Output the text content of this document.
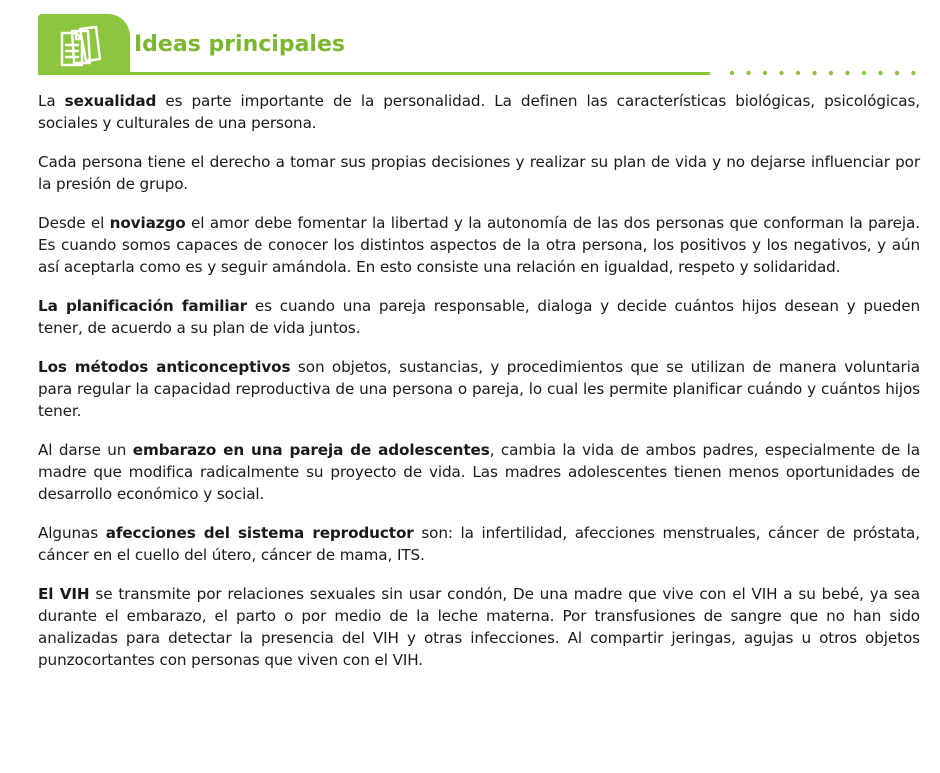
Ideas principales

La sexualidad es parte importante de la personalidad. La definen las características biológicas, psicológicas, sociales y culturales de una persona.

Cada persona tiene el derecho a tomar sus propias decisiones y realizar su plan de vida y no dejarse influenciar por la presión de grupo.

Desde el noviazgo el amor debe fomentar la libertad y la autonomía de las dos personas que conforman la pareja. Es cuando somos capaces de conocer los distintos aspectos de la otra persona, los positivos y los negativos, y aún así aceptarla como es y seguir amándola. En esto consiste una relación en igualdad, respeto y solidaridad.

La planificación familiar es cuando una pareja responsable, dialoga y decide cuántos hijos desean y pueden tener, de acuerdo a su plan de vida juntos.

Los métodos anticonceptivos son objetos, sustancias, y procedimientos que se utilizan de manera voluntaria para regular la capacidad reproductiva de una persona o pareja, lo cual les permite planificar cuándo y cuántos hijos tener.

Al darse un embarazo en una pareja de adolescentes, cambia la vida de ambos padres, especialmente de la madre que modifica radicalmente su proyecto de vida. Las madres adolescentes tienen menos oportunidades de desarrollo económico y social.

Algunas afecciones del sistema reproductor son: la infertilidad, afecciones menstruales, cáncer de próstata, cáncer en el cuello del útero, cáncer de mama, ITS.

El VIH se transmite por relaciones sexuales sin usar condón, De una madre que vive con el VIH a su bebé, ya sea durante el embarazo, el parto o por medio de la leche materna. Por transfusiones de sangre que no han sido analizadas para detectar la presencia del VIH y otras infecciones. Al compartir jeringas, agujas u otros objetos punzocortantes con personas que viven con el VIH.
